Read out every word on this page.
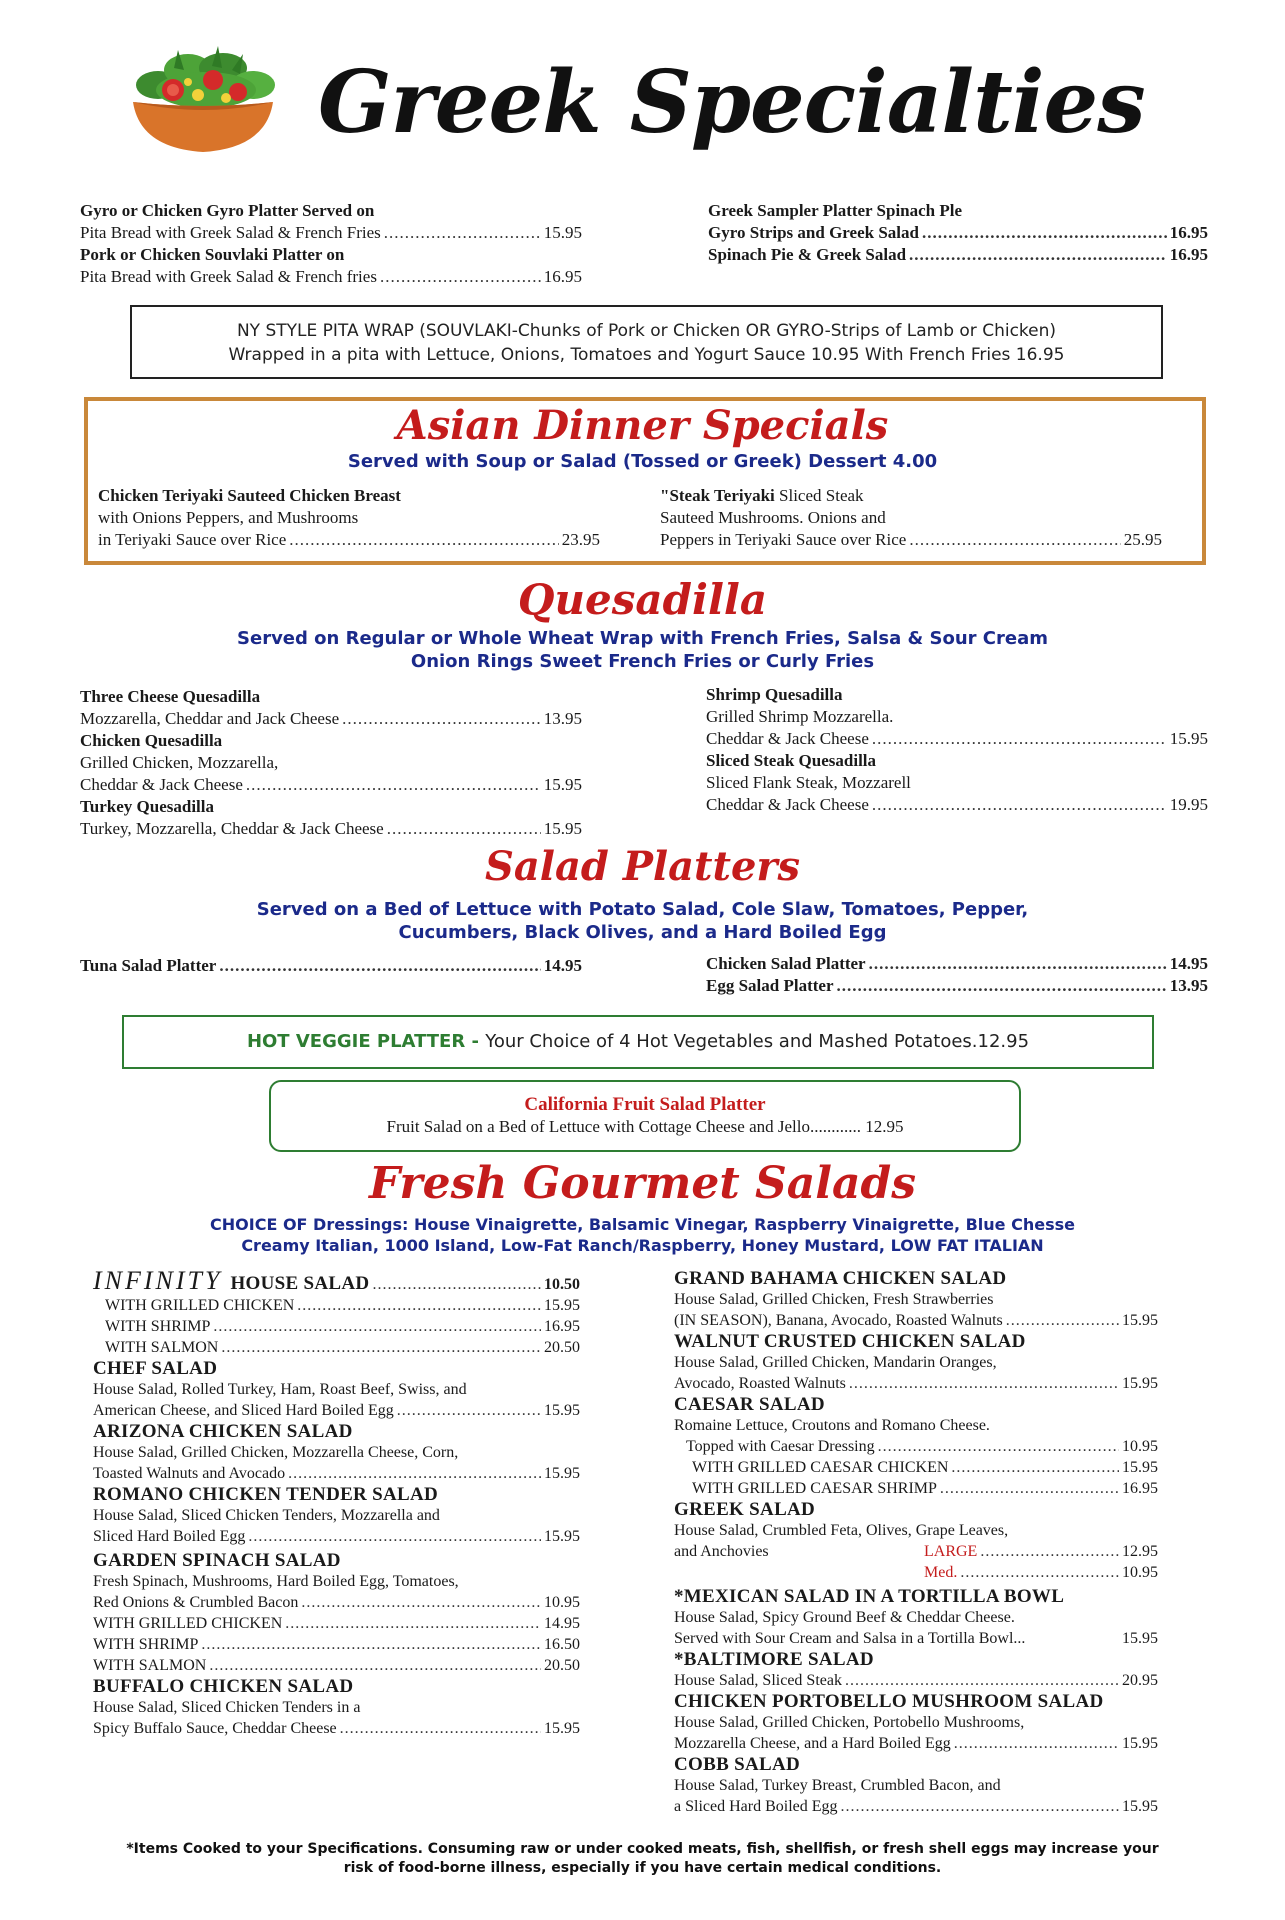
Greek Specialties
Gyro or Chicken Gyro Platter Served on
Pita Bread with Greek Salad & French Fries .....	15.95
Pork or Chicken Souvlaki Platter on
Pita Bread with Greek Salad & French fries .....	16.95
Greek Sampler Platter Spinach Ple
Gyro Strips and Greek Salad .....	16.95
Spinach Pie & Greek Salad .....	16.95
NY STYLE PITA WRAP (SOUVLAKI-Chunks of Pork or Chicken OR GYRO-Strips of Lamb or Chicken)
Wrapped in a pita with Lettuce, Onions, Tomatoes and Yogurt Sauce 10.95 With French Fries 16.95
Asian Dinner Specials
Served with Soup or Salad (Tossed or Greek) Dessert 4.00
Chicken Teriyaki Sauteed Chicken Breast
with Onions Peppers, and Mushrooms
in Teriyaki Sauce over Rice .....	23.95
"Steak Teriyaki Sliced Steak
Sauteed Mushrooms. Onions and
Peppers in Teriyaki Sauce over Rice .....	25.95
Quesadilla
Served on Regular or Whole Wheat Wrap with French Fries, Salsa & Sour Cream
Onion Rings Sweet French Fries or Curly Fries
Three Cheese Quesadilla
Mozzarella, Cheddar and Jack Cheese .....	13.95
Chicken Quesadilla
Grilled Chicken, Mozzarella,
Cheddar & Jack Cheese .....	15.95
Turkey Quesadilla
Turkey, Mozzarella, Cheddar & Jack Cheese .....	15.95
Shrimp Quesadilla
Grilled Shrimp Mozzarella.
Cheddar & Jack Cheese .....	15.95
Sliced Steak Quesadilla
Sliced Flank Steak, Mozzarell
Cheddar & Jack Cheese .....	19.95
Salad Platters
Served on a Bed of Lettuce with Potato Salad, Cole Slaw, Tomatoes, Pepper,
Cucumbers, Black Olives, and a Hard Boiled Egg
Tuna Salad Platter .....	14.95	Chicken Salad Platter .....	14.95
Egg Salad Platter .....	13.95
HOT VEGGIE PLATTER - Your Choice of 4 Hot Vegetables and Mashed Potatoes.12.95
California Fruit Salad Platter
Fruit Salad on a Bed of Lettuce with Cottage Cheese and Jello............ 12.95
Fresh Gourmet Salads
CHOICE OF Dressings: House Vinaigrette, Balsamic Vinegar, Raspberry Vinaigrette, Blue Chesse
Creamy Italian, 1000 Island, Low-Fat Ranch/Raspberry, Honey Mustard, LOW FAT ITALIAN
INFINITY HOUSE SALAD .....	10.50
WITH GRILLED CHICKEN .....	15.95
WITH SHRIMP .....	16.95
WITH SALMON .....	20.50
CHEF SALAD
House Salad, Rolled Turkey, Ham, Roast Beef, Swiss, and
American Cheese, and Sliced Hard Boiled Egg .....	15.95
ARIZONA CHICKEN SALAD
House Salad, Grilled Chicken, Mozzarella Cheese, Corn,
Toasted Walnuts and Avocado .....	15.95
ROMANO CHICKEN TENDER SALAD
House Salad, Sliced Chicken Tenders, Mozzarella and
Sliced Hard Boiled Egg .....	15.95
GARDEN SPINACH SALAD
Fresh Spinach, Mushrooms, Hard Boiled Egg, Tomatoes,
Red Onions & Crumbled Bacon .....	10.95
WITH GRILLED CHICKEN .....	14.95
WITH SHRIMP .....	16.50
WITH SALMON .....	20.50
BUFFALO CHICKEN SALAD
House Salad, Sliced Chicken Tenders in a
Spicy Buffalo Sauce, Cheddar Cheese .....	15.95
GRAND BAHAMA CHICKEN SALAD
House Salad, Grilled Chicken, Fresh Strawberries
(IN SEASON), Banana, Avocado, Roasted Walnuts .....	15.95
WALNUT CRUSTED CHICKEN SALAD
House Salad, Grilled Chicken, Mandarin Oranges,
Avocado, Roasted Walnuts .....	15.95
CAESAR SALAD
Romaine Lettuce, Croutons and Romano Cheese.
Topped with Caesar Dressing .....	10.95
WITH GRILLED CAESAR CHICKEN .....	15.95
WITH GRILLED CAESAR SHRIMP .....	16.95
GREEK SALAD
House Salad, Crumbled Feta, Olives, Grape Leaves,
and Anchovies	LARGE .....	12.95
Med. .....	10.95
*MEXICAN SALAD IN A TORTILLA BOWL
House Salad, Spicy Ground Beef & Cheddar Cheese.
Served with Sour Cream and Salsa in a Tortilla Bowl...	15.95
*BALTIMORE SALAD
House Salad, Sliced Steak .....	20.95
CHICKEN PORTOBELLO MUSHROOM SALAD
House Salad, Grilled Chicken, Portobello Mushrooms,
Mozzarella Cheese, and a Hard Boiled Egg .....	15.95
COBB SALAD
House Salad, Turkey Breast, Crumbled Bacon, and
a Sliced Hard Boiled Egg .....	15.95
*Items Cooked to your Specifications. Consuming raw or under cooked meats, fish, shellfish, or fresh shell eggs may increase your
risk of food-borne illness, especially if you have certain medical conditions.
